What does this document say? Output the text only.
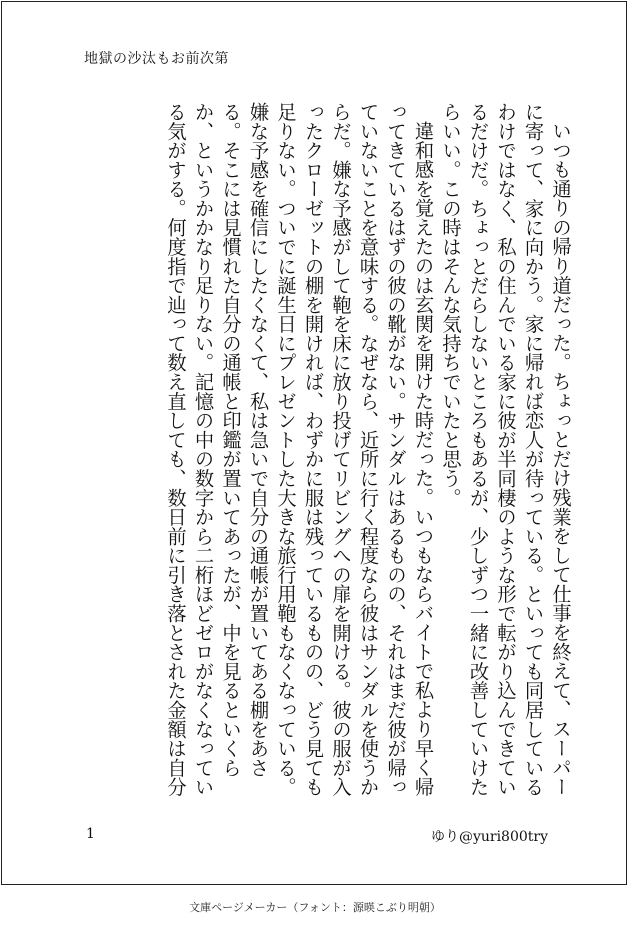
地獄の沙汰もお前次第

いつも通りの帰り道だった。ちょっとだけ残業をして仕事を終えて、スーパーに寄って、家に向かう。家に帰れば恋人が待っている。といっても同居しているわけではなく、私の住んでいる家に彼が半同棲のような形で転がり込んできているだけだ。ちょっとだらしないところもあるが、少しずつ一緒に改善していけたらいい。この時はそんな気持ちでいたと思う。

違和感を覚えたのは玄関を開けた時だった。いつもならバイトで私より早く帰ってきているはずの彼の靴がない。サンダルはあるものの、それはまだ彼が帰っていないことを意味する。なぜなら、近所に行く程度なら彼はサンダルを使うからだ。嫌な予感がして鞄を床に放り投げてリビングへの扉を開ける。彼の服が入ったクローゼットの棚を開ければ、わずかに服は残っているものの、どう見ても足りない。ついでに誕生日にプレゼントした大きな旅行用鞄もなくなっている。嫌な予感を確信にしたくなくて、私は急いで自分の通帳が置いてある棚をあさる。そこには見慣れた自分の通帳と印鑑が置いてあったが、中を見るといくらか、というかかなり足りない。記憶の中の数字から二桁ほどゼロがなくなっている気がする。何度指で辿って数え直しても、数日前に引き落とされた金額は自分

1	ゆり@yuri800try
文庫ページメーカー（フォント：源暎こぶり明朝）
